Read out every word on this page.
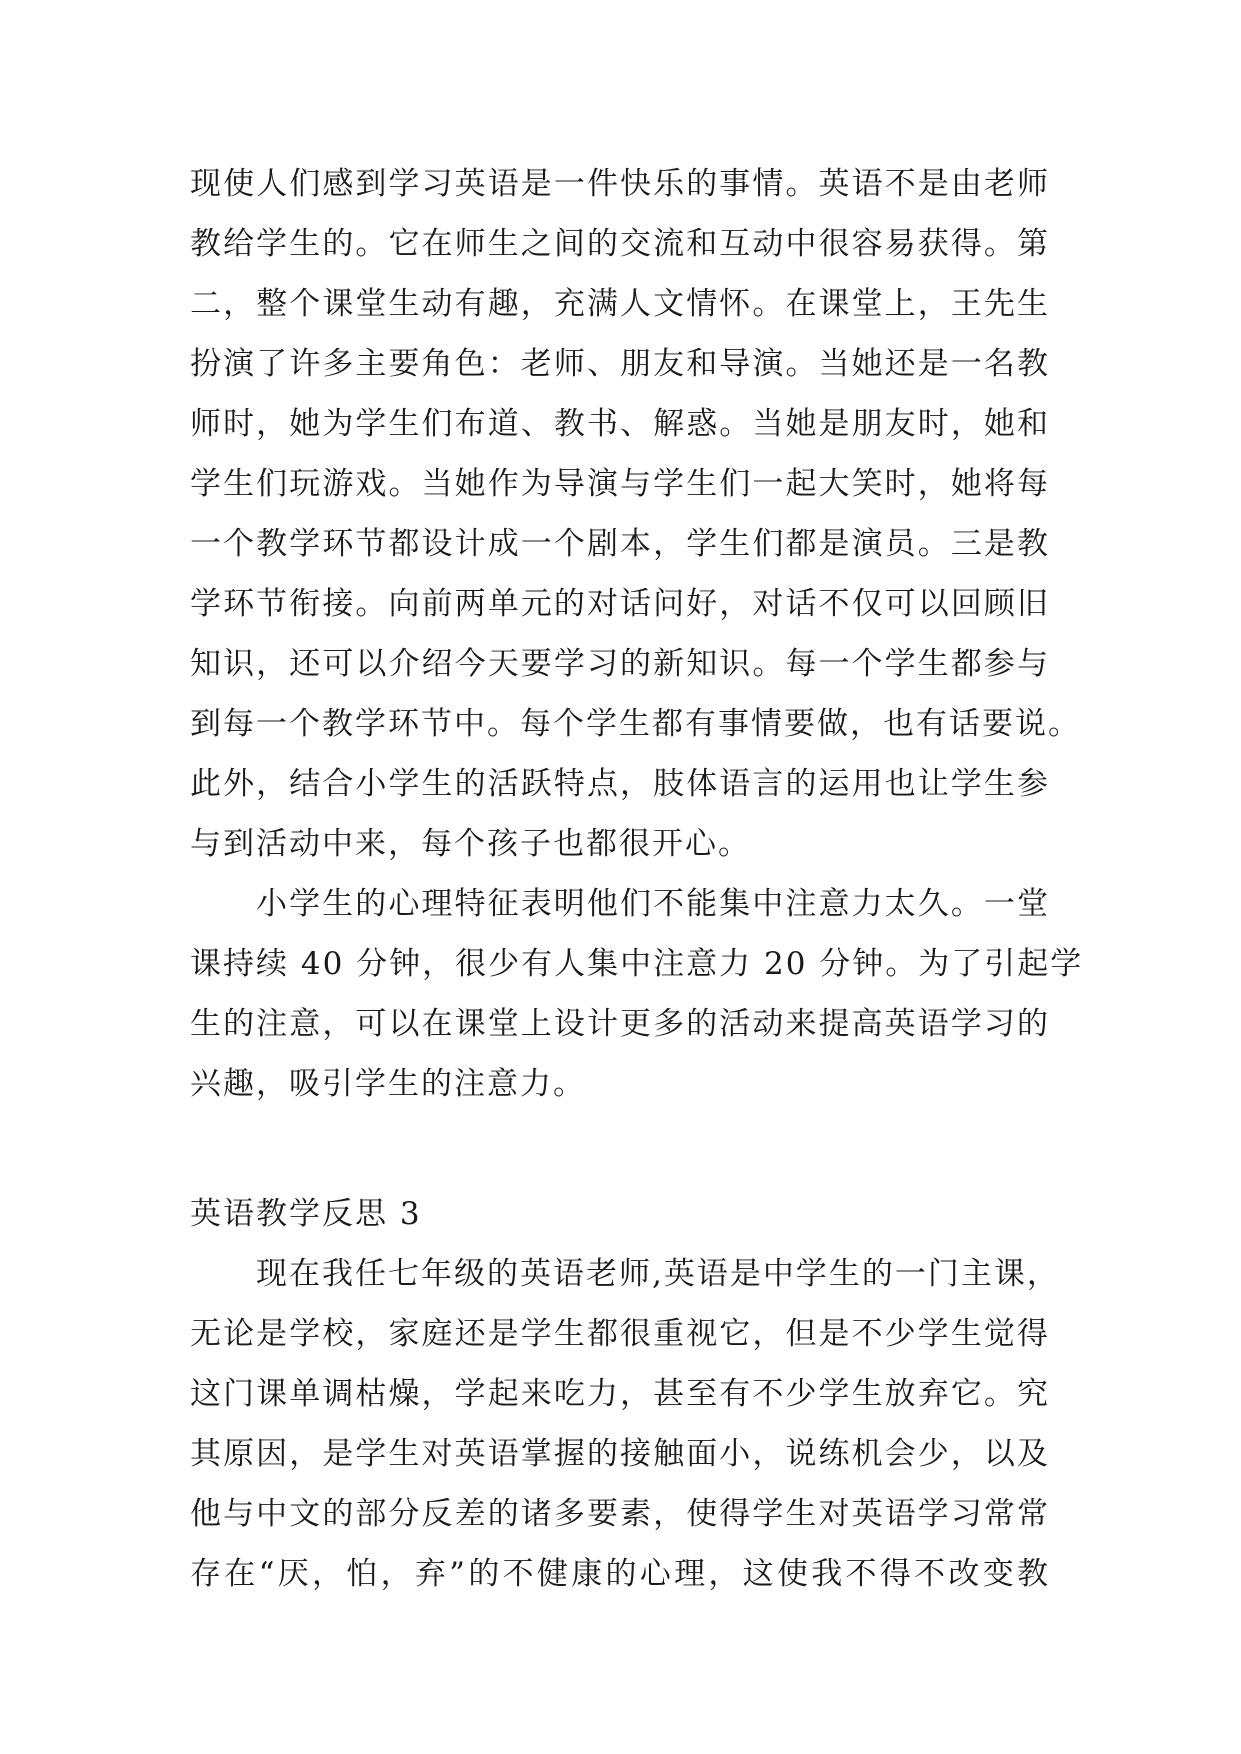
现使人们感到学习英语是一件快乐的事情。英语不是由老师
教给学生的。它在师生之间的交流和互动中很容易获得。第
二，整个课堂生动有趣，充满人文情怀。在课堂上，王先生
扮演了许多主要角色：老师、朋友和导演。当她还是一名教
师时，她为学生们布道、教书、解惑。当她是朋友时，她和
学生们玩游戏。当她作为导演与学生们一起大笑时，她将每
一个教学环节都设计成一个剧本，学生们都是演员。三是教
学环节衔接。向前两单元的对话问好，对话不仅可以回顾旧
知识，还可以介绍今天要学习的新知识。每一个学生都参与
到每一个教学环节中。每个学生都有事情要做，也有话要说。
此外，结合小学生的活跃特点，肢体语言的运用也让学生参
与到活动中来，每个孩子也都很开心。
小学生的心理特征表明他们不能集中注意力太久。一堂
课持续 40 分钟，很少有人集中注意力 20 分钟。为了引起学
生的注意，可以在课堂上设计更多的活动来提高英语学习的
兴趣，吸引学生的注意力。
英语教学反思 3
现在我任七年级的英语老师,英语是中学生的一门主课，
无论是学校，家庭还是学生都很重视它，但是不少学生觉得
这门课单调枯燥，学起来吃力，甚至有不少学生放弃它。究
其原因，是学生对英语掌握的接触面小，说练机会少，以及
他与中文的部分反差的诸多要素，使得学生对英语学习常常
存在“厌，怕，弃”的不健康的心理，这使我不得不改变教
